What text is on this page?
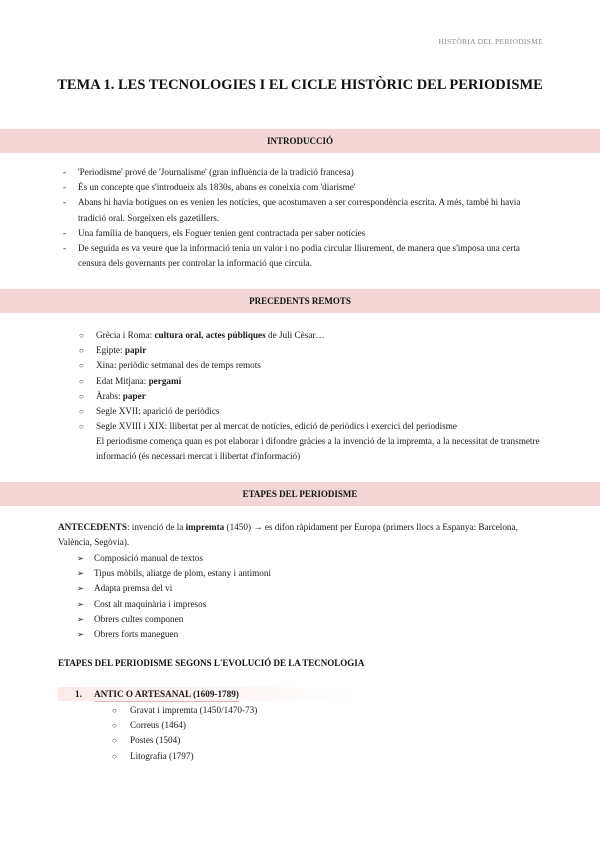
HISTÒRIA DEL PERIODISME
TEMA 1. LES TECNOLOGIES I EL CICLE HISTÒRIC DEL PERIODISME
INTRODUCCIÓ
- 'Periodisme' prové de 'Journalisme' (gran influència de la tradició francesa)
- És un concepte que s'introdueix als 1830s, abans es coneixia com 'diarisme'
- Abans hi havia botigues on es venien les notícies, que acostumaven a ser correspondència escrita. A més, també hi havia tradició oral. Sorgeixen els gazetillers.
- Una família de banquers, els Foguer tenien gent contractada per saber notícies
- De seguida es va veure que la informació tenia un valor i no podia circular lliurement, de manera que s'imposa una certa censura dels governants per controlar la informació que circula.
PRECEDENTS REMOTS
○ Grècia i Roma: cultura oral, actes públiques de Juli Cèsar…
○ Egipte: papir
○ Xina: periòdic setmanal des de temps remots
○ Edat Mitjana: pergamí
○ Àrabs: paper
○ Segle XVII: aparició de periòdics
○ Segle XVIII i XIX: llibertat per al mercat de notícies, edició de periòdics i exercici del periodisme

El periodisme comença quan es pot elaborar i difondre gràcies a la invenció de la impremta, a la necessitat de transmetre informació (és necessari mercat i llibertat d'informació)

ETAPES DEL PERIODISME

ANTECEDENTS: invenció de la impremta (1450) → es difon ràpidament per Europa (primers llocs a Espanya: Barcelona, València, Segòvia).

➢ Composició manual de textos
➢ Tipus mòbils, aliatge de plom, estany i antimoni
➢ Adapta premsa del vi
➢ Cost alt maquinària i impresos
➢ Obrers cultes componen
➢ Obrers forts maneguen

ETAPES DEL PERIODISME SEGONS L'EVOLUCIÓ DE LA TECNOLOGIA

1. ANTIC O ARTESANAL (1609-1789)
○ Gravat i impremta (1450/1470-73)
○ Correus (1464)
○ Postes (1504)
○ Litografia (1797)
